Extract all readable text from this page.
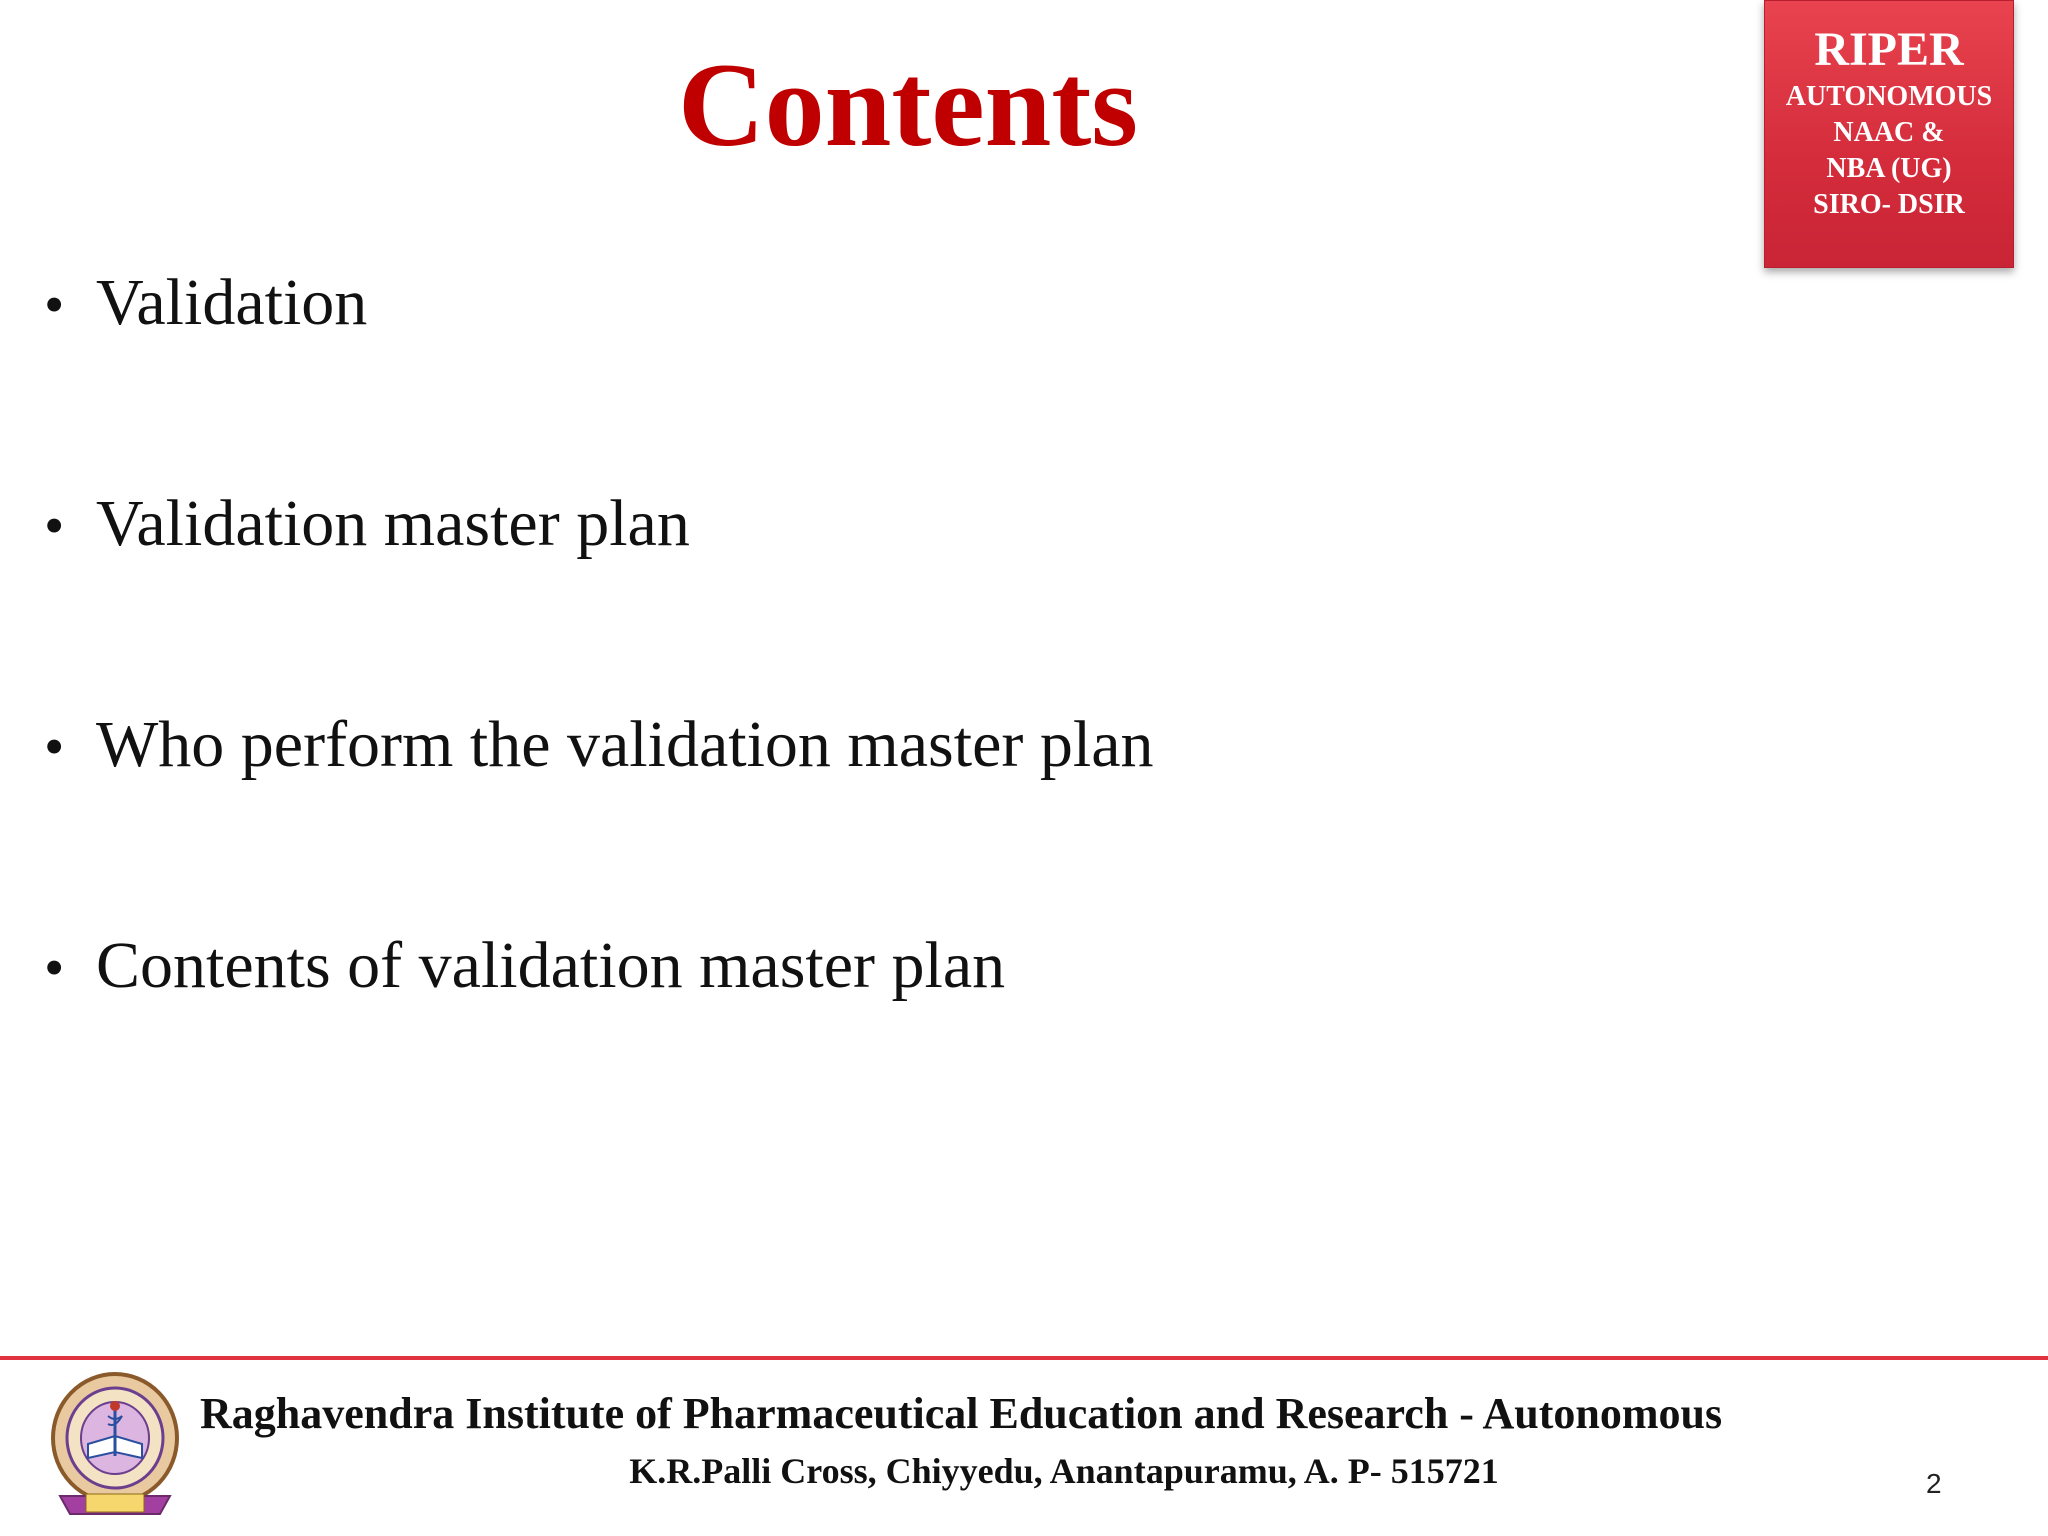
Contents	RIPER
AUTONOMOUS
NAAC &
NBA (UG)
SIRO- DSIR
• Validation
• Validation master plan
• Who perform the validation master plan
• Contents of validation master plan
Raghavendra Institute of Pharmaceutical Education and Research - Autonomous
K.R.Palli Cross, Chiyyedu, Anantapuramu, A. P- 515721	2
